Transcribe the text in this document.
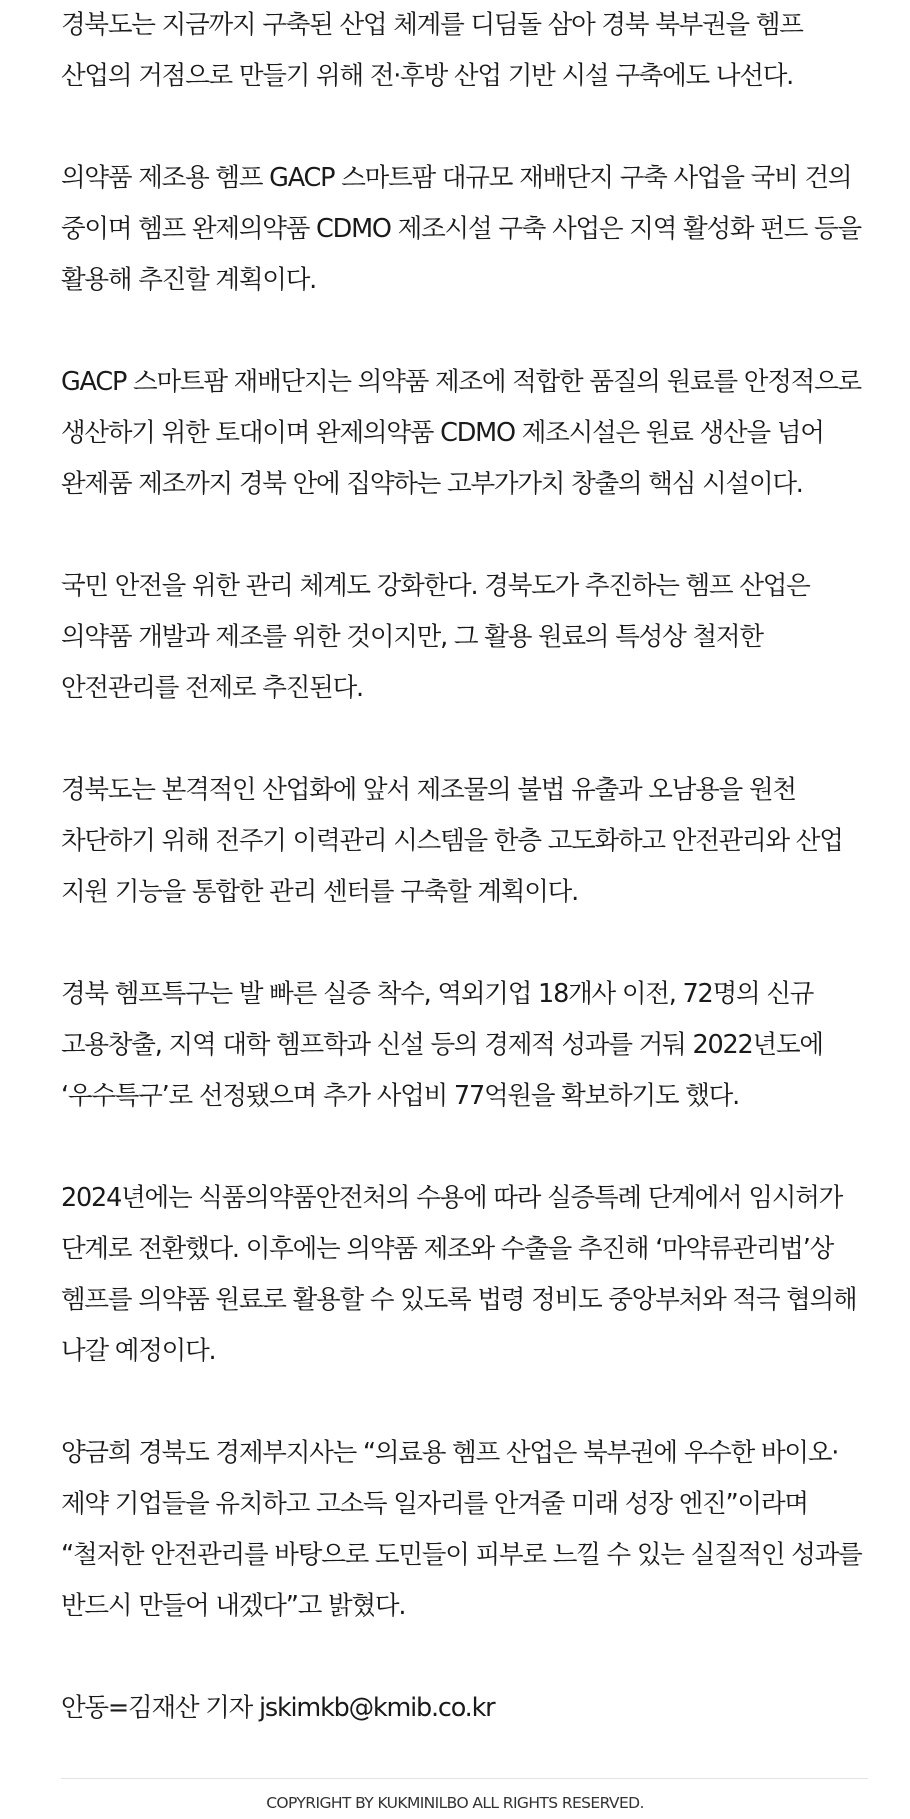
경북도는 지금까지 구축된 산업 체계를 디딤돌 삼아 경북 북부권을 헴프 산업의 거점으로 만들기 위해 전·후방 산업 기반 시설 구축에도 나선다.

의약품 제조용 헴프 GACP 스마트팜 대규모 재배단지 구축 사업을 국비 건의 중이며 헴프 완제의약품 CDMO 제조시설 구축 사업은 지역 활성화 펀드 등을 활용해 추진할 계획이다.

GACP 스마트팜 재배단지는 의약품 제조에 적합한 품질의 원료를 안정적으로 생산하기 위한 토대이며 완제의약품 CDMO 제조시설은 원료 생산을 넘어 완제품 제조까지 경북 안에 집약하는 고부가가치 창출의 핵심 시설이다.

국민 안전을 위한 관리 체계도 강화한다. 경북도가 추진하는 헴프 산업은 의약품 개발과 제조를 위한 것이지만, 그 활용 원료의 특성상 철저한 안전관리를 전제로 추진된다.

경북도는 본격적인 산업화에 앞서 제조물의 불법 유출과 오남용을 원천 차단하기 위해 전주기 이력관리 시스템을 한층 고도화하고 안전관리와 산업 지원 기능을 통합한 관리 센터를 구축할 계획이다.

경북 헴프특구는 발 빠른 실증 착수, 역외기업 18개사 이전, 72명의 신규 고용창출, 지역 대학 헴프학과 신설 등의 경제적 성과를 거둬 2022년도에 ‘우수특구’로 선정됐으며 추가 사업비 77억원을 확보하기도 했다.

2024년에는 식품의약품안전처의 수용에 따라 실증특례 단계에서 임시허가 단계로 전환했다. 이후에는 의약품 제조와 수출을 추진해 ‘마약류관리법’상 헴프를 의약품 원료로 활용할 수 있도록 법령 정비도 중앙부처와 적극 협의해 나갈 예정이다.

양금희 경북도 경제부지사는 “의료용 헴프 산업은 북부권에 우수한 바이오·제약 기업들을 유치하고 고소득 일자리를 안겨줄 미래 성장 엔진”이라며 “철저한 안전관리를 바탕으로 도민들이 피부로 느낄 수 있는 실질적인 성과를 반드시 만들어 내겠다”고 밝혔다.

안동=김재산 기자 jskimkb@kmib.co.kr

COPYRIGHT BY KUKMINILBO ALL RIGHTS RESERVED.
